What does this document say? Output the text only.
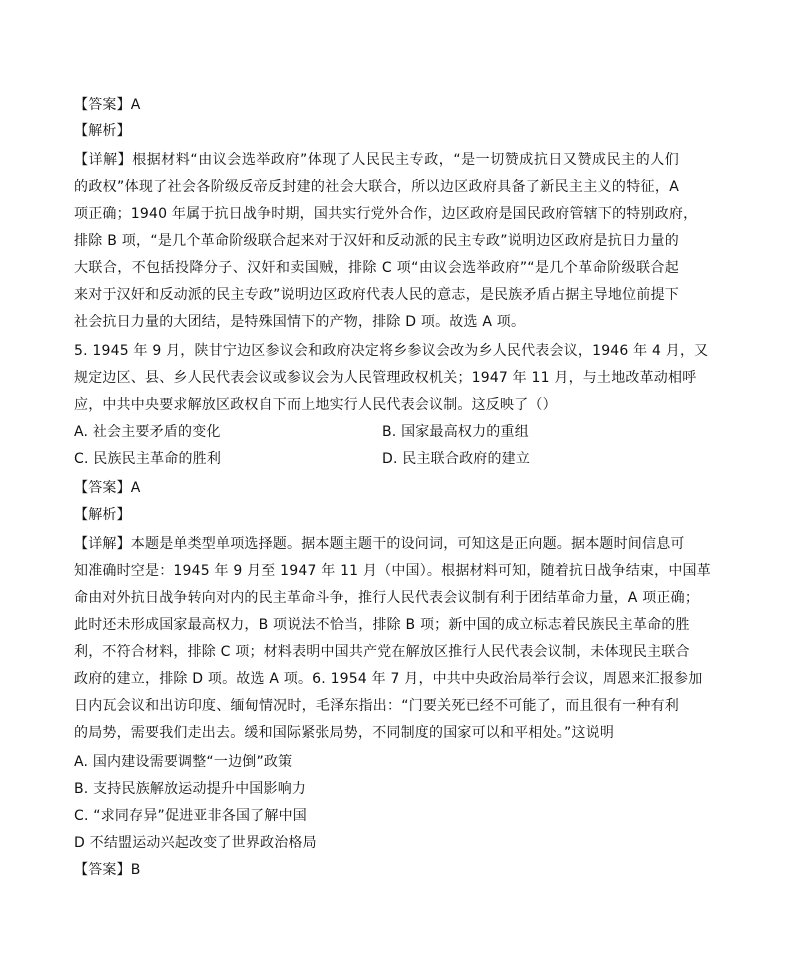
【答案】A
【解析】
【详解】根据材料“由议会选举政府”体现了人民民主专政，“是一切赞成抗日又赞成民主的人们
的政权”体现了社会各阶级反帝反封建的社会大联合，所以边区政府具备了新民主主义的特征，A
项正确；1940 年属于抗日战争时期，国共实行党外合作，边区政府是国民政府管辖下的特别政府，
排除 B 项，“是几个革命阶级联合起来对于汉奸和反动派的民主专政”说明边区政府是抗日力量的
大联合，不包括投降分子、汉奸和卖国贼，排除 C 项“由议会选举政府”“是几个革命阶级联合起
来对于汉奸和反动派的民主专政”说明边区政府代表人民的意志，是民族矛盾占据主导地位前提下
社会抗日力量的大团结，是特殊国情下的产物，排除 D 项。故选 A 项。
5. 1945 年 9 月，陕甘宁边区参议会和政府决定将乡参议会改为乡人民代表会议，1946 年 4 月，又
规定边区、县、乡人民代表会议或参议会为人民管理政权机关；1947 年 11 月，与土地改革动相呼
应，中共中央要求解放区政权自下而上地实行人民代表会议制。这反映了（）
A. 社会主要矛盾的变化	B. 国家最高权力的重组
C. 民族民主革命的胜利	D. 民主联合政府的建立
【答案】A
【解析】
【详解】本题是单类型单项选择题。据本题主题干的设问词，可知这是正向题。据本题时间信息可
知准确时空是：1945 年 9 月至 1947 年 11 月（中国）。根据材料可知，随着抗日战争结束，中国革
命由对外抗日战争转向对内的民主革命斗争，推行人民代表会议制有利于团结革命力量，A 项正确；
此时还未形成国家最高权力，B 项说法不恰当，排除 B 项；新中国的成立标志着民族民主革命的胜
利，不符合材料，排除 C 项；材料表明中国共产党在解放区推行人民代表会议制，未体现民主联合
政府的建立，排除 D 项。故选 A 项。6. 1954 年 7 月，中共中央政治局举行会议，周恩来汇报参加
日内瓦会议和出访印度、缅甸情况时，毛泽东指出：“门要关死已经不可能了，而且很有一种有利
的局势，需要我们走出去。缓和国际紧张局势，不同制度的国家可以和平相处。”这说明
A. 国内建设需要调整“一边倒”政策
B. 支持民族解放运动提升中国影响力
C. “求同存异”促进亚非各国了解中国
D 不结盟运动兴起改变了世界政治格局
【答案】B
